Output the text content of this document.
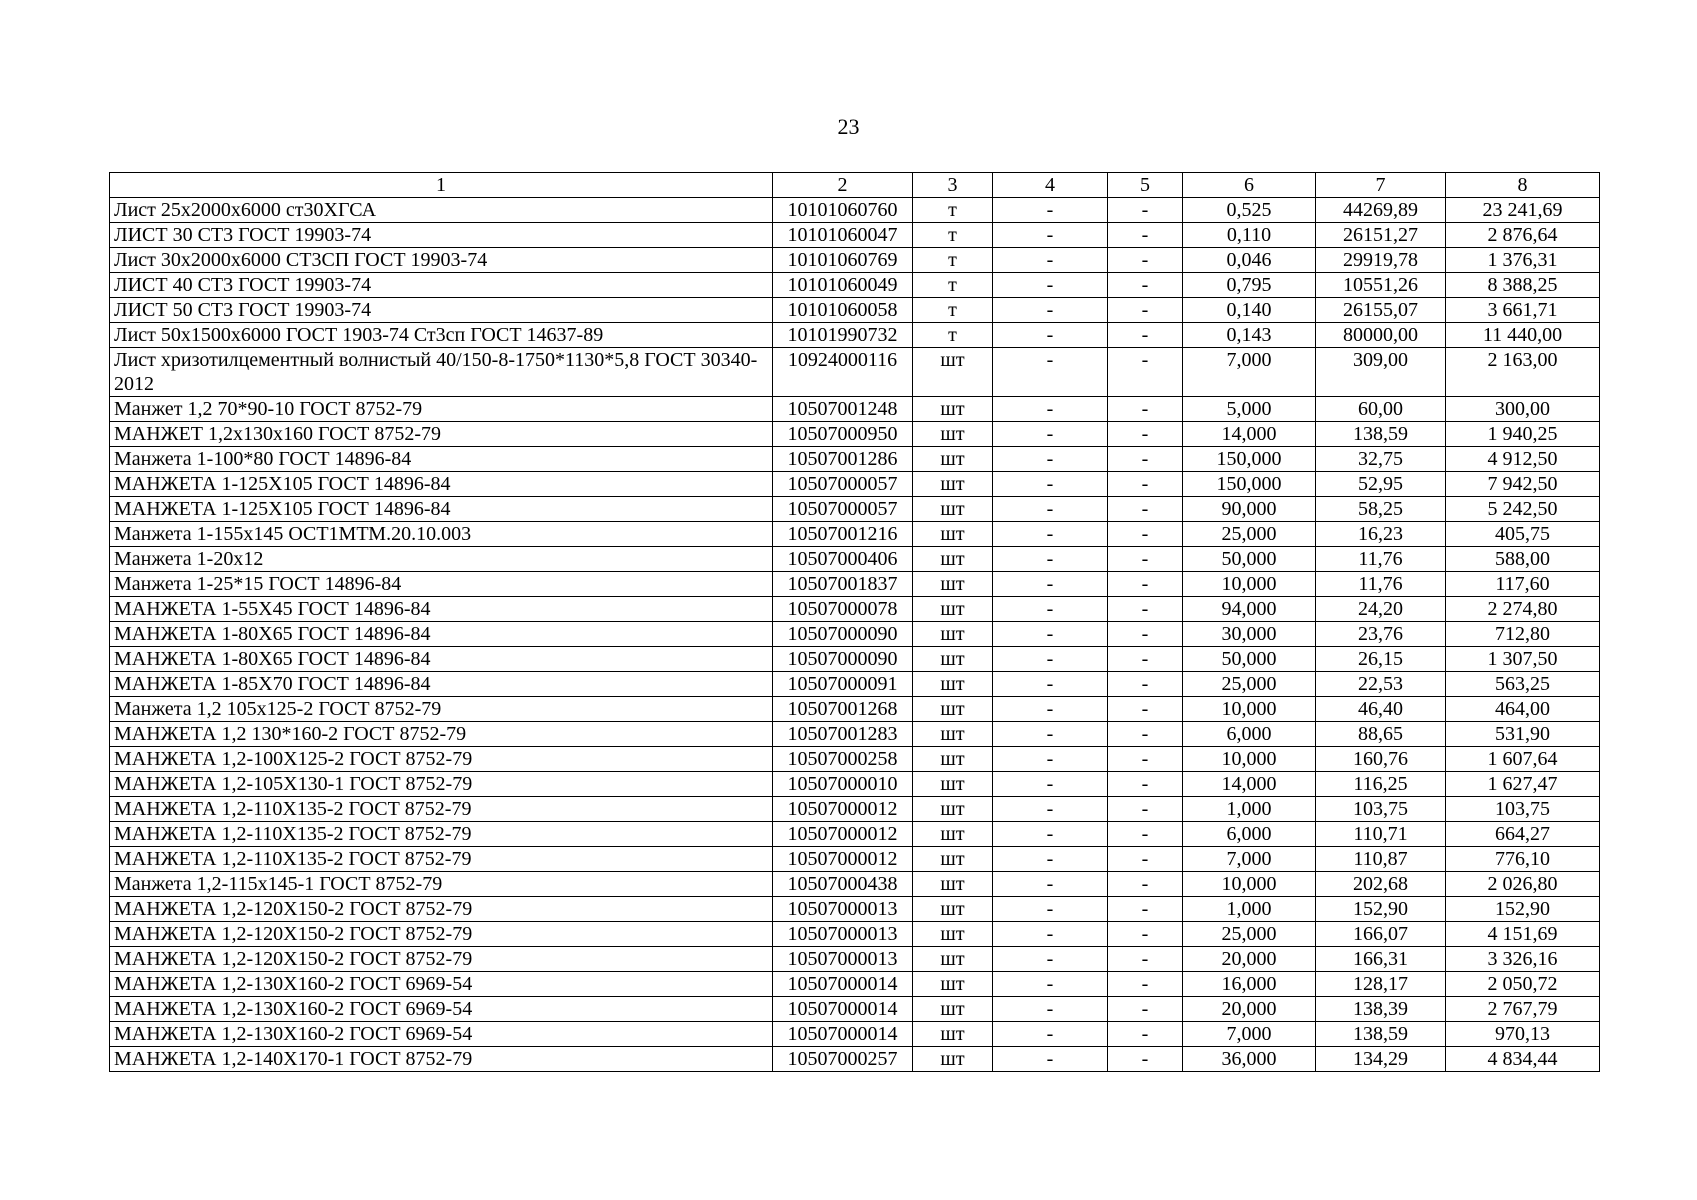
23
1	2	3	4	5	6	7	8
Лист 25х2000х6000 ст30ХГСА	10101060760	т	-	-	0,525	44269,89	23 241,69
ЛИСТ 30 СТ3 ГОСТ 19903-74	10101060047	т	-	-	0,110	26151,27	2 876,64
Лист 30х2000х6000 СТ3СП ГОСТ 19903-74	10101060769	т	-	-	0,046	29919,78	1 376,31
ЛИСТ 40 СТ3 ГОСТ 19903-74	10101060049	т	-	-	0,795	10551,26	8 388,25
ЛИСТ 50 СТ3 ГОСТ 19903-74	10101060058	т	-	-	0,140	26155,07	3 661,71
Лист 50х1500х6000 ГОСТ 1903-74 Ст3сп ГОСТ 14637-89	10101990732	т	-	-	0,143	80000,00	11 440,00
Лист хризотилцементный волнистый 40/150-8-1750*1130*5,8 ГОСТ 30340-2012	10924000116	шт	-	-	7,000	309,00	2 163,00
Манжет 1,2 70*90-10 ГОСТ 8752-79	10507001248	шт	-	-	5,000	60,00	300,00
МАНЖЕТ 1,2х130х160 ГОСТ 8752-79	10507000950	шт	-	-	14,000	138,59	1 940,25
Манжета 1-100*80 ГОСТ 14896-84	10507001286	шт	-	-	150,000	32,75	4 912,50
МАНЖЕТА 1-125Х105 ГОСТ 14896-84	10507000057	шт	-	-	150,000	52,95	7 942,50
МАНЖЕТА 1-125Х105 ГОСТ 14896-84	10507000057	шт	-	-	90,000	58,25	5 242,50
Манжета 1-155х145 ОСТ1МТМ.20.10.003	10507001216	шт	-	-	25,000	16,23	405,75
Манжета 1-20х12	10507000406	шт	-	-	50,000	11,76	588,00
Манжета 1-25*15 ГОСТ 14896-84	10507001837	шт	-	-	10,000	11,76	117,60
МАНЖЕТА 1-55Х45 ГОСТ 14896-84	10507000078	шт	-	-	94,000	24,20	2 274,80
МАНЖЕТА 1-80Х65 ГОСТ 14896-84	10507000090	шт	-	-	30,000	23,76	712,80
МАНЖЕТА 1-80Х65 ГОСТ 14896-84	10507000090	шт	-	-	50,000	26,15	1 307,50
МАНЖЕТА 1-85Х70 ГОСТ 14896-84	10507000091	шт	-	-	25,000	22,53	563,25
Манжета 1,2 105х125-2 ГОСТ 8752-79	10507001268	шт	-	-	10,000	46,40	464,00
МАНЖЕТА 1,2 130*160-2 ГОСТ 8752-79	10507001283	шт	-	-	6,000	88,65	531,90
МАНЖЕТА 1,2-100Х125-2 ГОСТ 8752-79	10507000258	шт	-	-	10,000	160,76	1 607,64
МАНЖЕТА 1,2-105Х130-1 ГОСТ 8752-79	10507000010	шт	-	-	14,000	116,25	1 627,47
МАНЖЕТА 1,2-110Х135-2 ГОСТ 8752-79	10507000012	шт	-	-	1,000	103,75	103,75
МАНЖЕТА 1,2-110Х135-2 ГОСТ 8752-79	10507000012	шт	-	-	6,000	110,71	664,27
МАНЖЕТА 1,2-110Х135-2 ГОСТ 8752-79	10507000012	шт	-	-	7,000	110,87	776,10
Манжета 1,2-115х145-1 ГОСТ 8752-79	10507000438	шт	-	-	10,000	202,68	2 026,80
МАНЖЕТА 1,2-120Х150-2 ГОСТ 8752-79	10507000013	шт	-	-	1,000	152,90	152,90
МАНЖЕТА 1,2-120Х150-2 ГОСТ 8752-79	10507000013	шт	-	-	25,000	166,07	4 151,69
МАНЖЕТА 1,2-120Х150-2 ГОСТ 8752-79	10507000013	шт	-	-	20,000	166,31	3 326,16
МАНЖЕТА 1,2-130Х160-2 ГОСТ 6969-54	10507000014	шт	-	-	16,000	128,17	2 050,72
МАНЖЕТА 1,2-130Х160-2 ГОСТ 6969-54	10507000014	шт	-	-	20,000	138,39	2 767,79
МАНЖЕТА 1,2-130Х160-2 ГОСТ 6969-54	10507000014	шт	-	-	7,000	138,59	970,13
МАНЖЕТА 1,2-140Х170-1 ГОСТ 8752-79	10507000257	шт	-	-	36,000	134,29	4 834,44
